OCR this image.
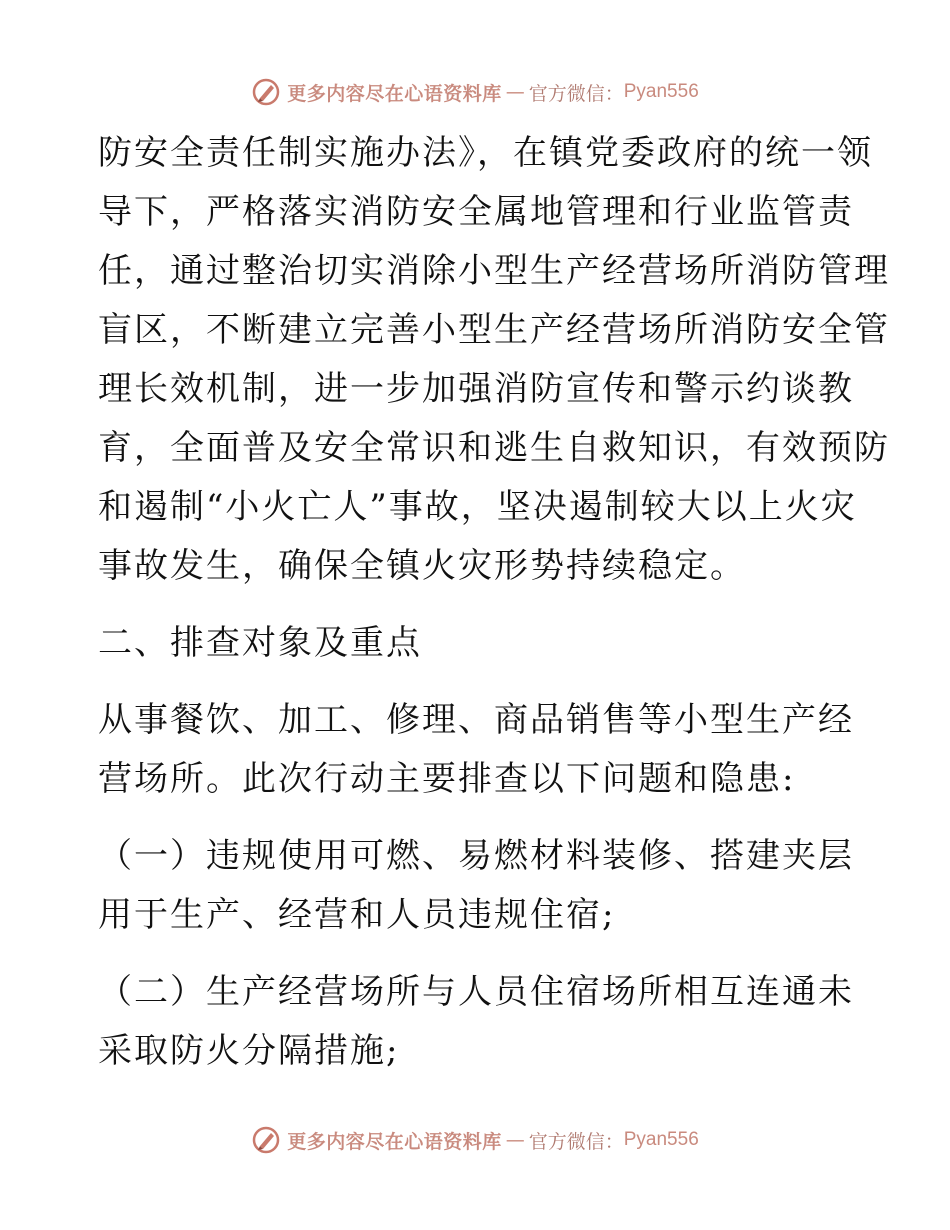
更多内容尽在心语资料库 — 官方微信： Pyan556
防安全责任制实施办法》，在镇党委政府的统一领
导下，严格落实消防安全属地管理和行业监管责
任，通过整治切实消除小型生产经营场所消防管理
盲区，不断建立完善小型生产经营场所消防安全管
理长效机制，进一步加强消防宣传和警示约谈教
育，全面普及安全常识和逃生自救知识，有效预防
和遏制“小火亡人”事故，坚决遏制较大以上火灾
事故发生，确保全镇火灾形势持续稳定。
二、排查对象及重点
从事餐饮、加工、修理、商品销售等小型生产经
营场所。此次行动主要排查以下问题和隐患:
（一）违规使用可燃、易燃材料装修、搭建夹层
用于生产、经营和人员违规住宿;
（二）生产经营场所与人员住宿场所相互连通未
采取防火分隔措施;
更多内容尽在心语资料库 — 官方微信： Pyan556
